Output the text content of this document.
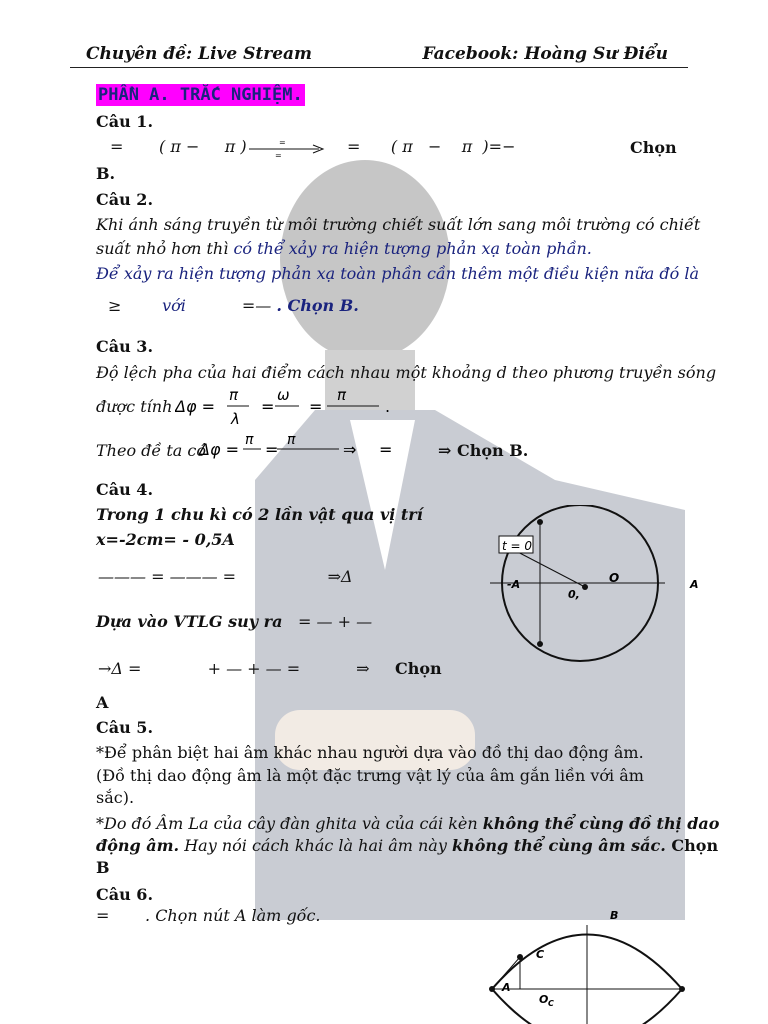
Chuyên đề: Live Stream	Facebook: Hoàng Sư Điểu
PHẦN A. TRẮC NGHIỆM.
Câu 1.
=       ( π −     π )	=
=	=      ( π   −    π  )=−	Chọn
B.
Câu 2.
Khi ánh sáng truyền từ môi trường chiết suất lớn sang môi trường có chiết
suất nhỏ hơn thì có thể xảy ra hiện tượng phản xạ toàn phần.
Để xảy ra hiện tượng phản xạ toàn phần cần thêm một điều kiện nữa đó là
≥	với	=— . Chọn B.
Câu 3.
Độ lệch pha của hai điểm cách nhau một khoảng d theo phương truyền sóng
được tính Δφ =
π
λ
=
ω
=
π
.
Theo đề ta có
Δφ = π = π	⇒ =	⇒ Chọn B.
Câu 4.
Trong 1 chu kì có 2 lần vật qua vị trí
x=-2cm= - 0,5A
——— = ——— =                  ⇒Δ
Dựa vào VTLG suy ra = — + —
→Δ =             + — + — =           ⇒ Chọn
A
t = 0
-A	O	A
0,
Câu 5.
*Để phân biệt hai âm khác nhau người dựa vào đồ thị dao động âm.
(Đồ thị dao động âm là một đặc trưng vật lý của âm gắn liền với âm
sắc).
*Do đó Âm La của cây đàn ghita và của cái kèn không thể cùng đồ thị dao
động âm. Hay nói cách khác là hai âm này không thể cùng âm sắc. Chọn
B
Câu 6.
= . Chọn nút A làm gốc.	B
C
A
O C
